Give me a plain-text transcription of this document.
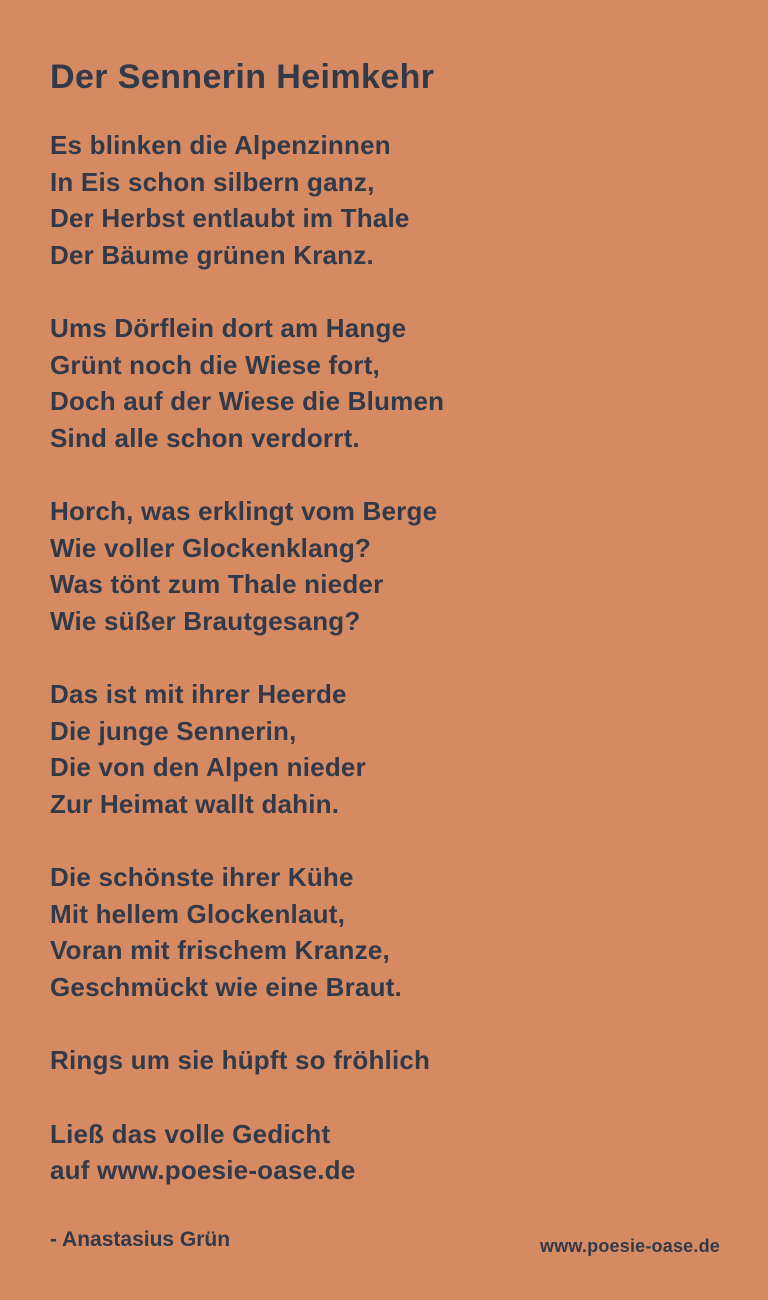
Der Sennerin Heimkehr
Es blinken die Alpenzinnen
In Eis schon silbern ganz,
Der Herbst entlaubt im Thale
Der Bäume grünen Kranz.
Ums Dörflein dort am Hange
Grünt noch die Wiese fort,
Doch auf der Wiese die Blumen
Sind alle schon verdorrt.
Horch, was erklingt vom Berge
Wie voller Glockenklang?
Was tönt zum Thale nieder
Wie süßer Brautgesang?
Das ist mit ihrer Heerde
Die junge Sennerin,
Die von den Alpen nieder
Zur Heimat wallt dahin.
Die schönste ihrer Kühe
Mit hellem Glockenlaut,
Voran mit frischem Kranze,
Geschmückt wie eine Braut.
Rings um sie hüpft so fröhlich
Ließ das volle Gedicht
auf www.poesie-oase.de
- Anastasius Grün	www.poesie-oase.de
